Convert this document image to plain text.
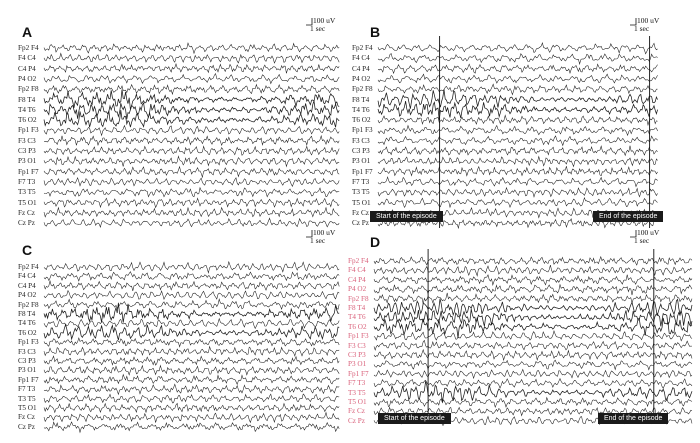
A
100 uV
1 sec
Fp2 F4
F4 C4
C4 P4
P4 O2
Fp2 F8
F8 T4
T4 T6
T6 O2
Fp1 F3
F3 C3
C3 P3
P3 O1
Fp1 F7
F7 T3
T3 T5
T5 O1
Fz Cz
Cz Pz
B
100 uV
1 sec
Fp2 F4
F4 C4
C4 P4
P4 O2
Fp2 F8
F8 T4
T4 T6
T6 O2
Fp1 F3
F3 C3
C3 P3
P3 O1
Fp1 F7
F7 T3
T3 T5
T5 O1
Fz Cz
Cz Pz
Start of the episode	End of the episode
C
100 uV
1 sec
Fp2 F4
F4 C4
C4 P4
P4 O2
Fp2 F8
F8 T4
T4 T6
T6 O2
Fp1 F3
F3 C3
C3 P3
P3 O1
Fp1 F7
F7 T3
T3 T5
T5 O1
Fz Cz
Cz Pz
D
100 uV
1 sec
Fp2 F4
F4 C4
C4 P4
P4 O2
Fp2 F8
F8 T4
T4 T6
T6 O2
Fp1 F3
F3 C3
C3 P3
P3 O1
Fp1 F7
F7 T3
T3 T5
T5 O1
Fz Cz
Cz Pz	Start of the episode	End of the episode
